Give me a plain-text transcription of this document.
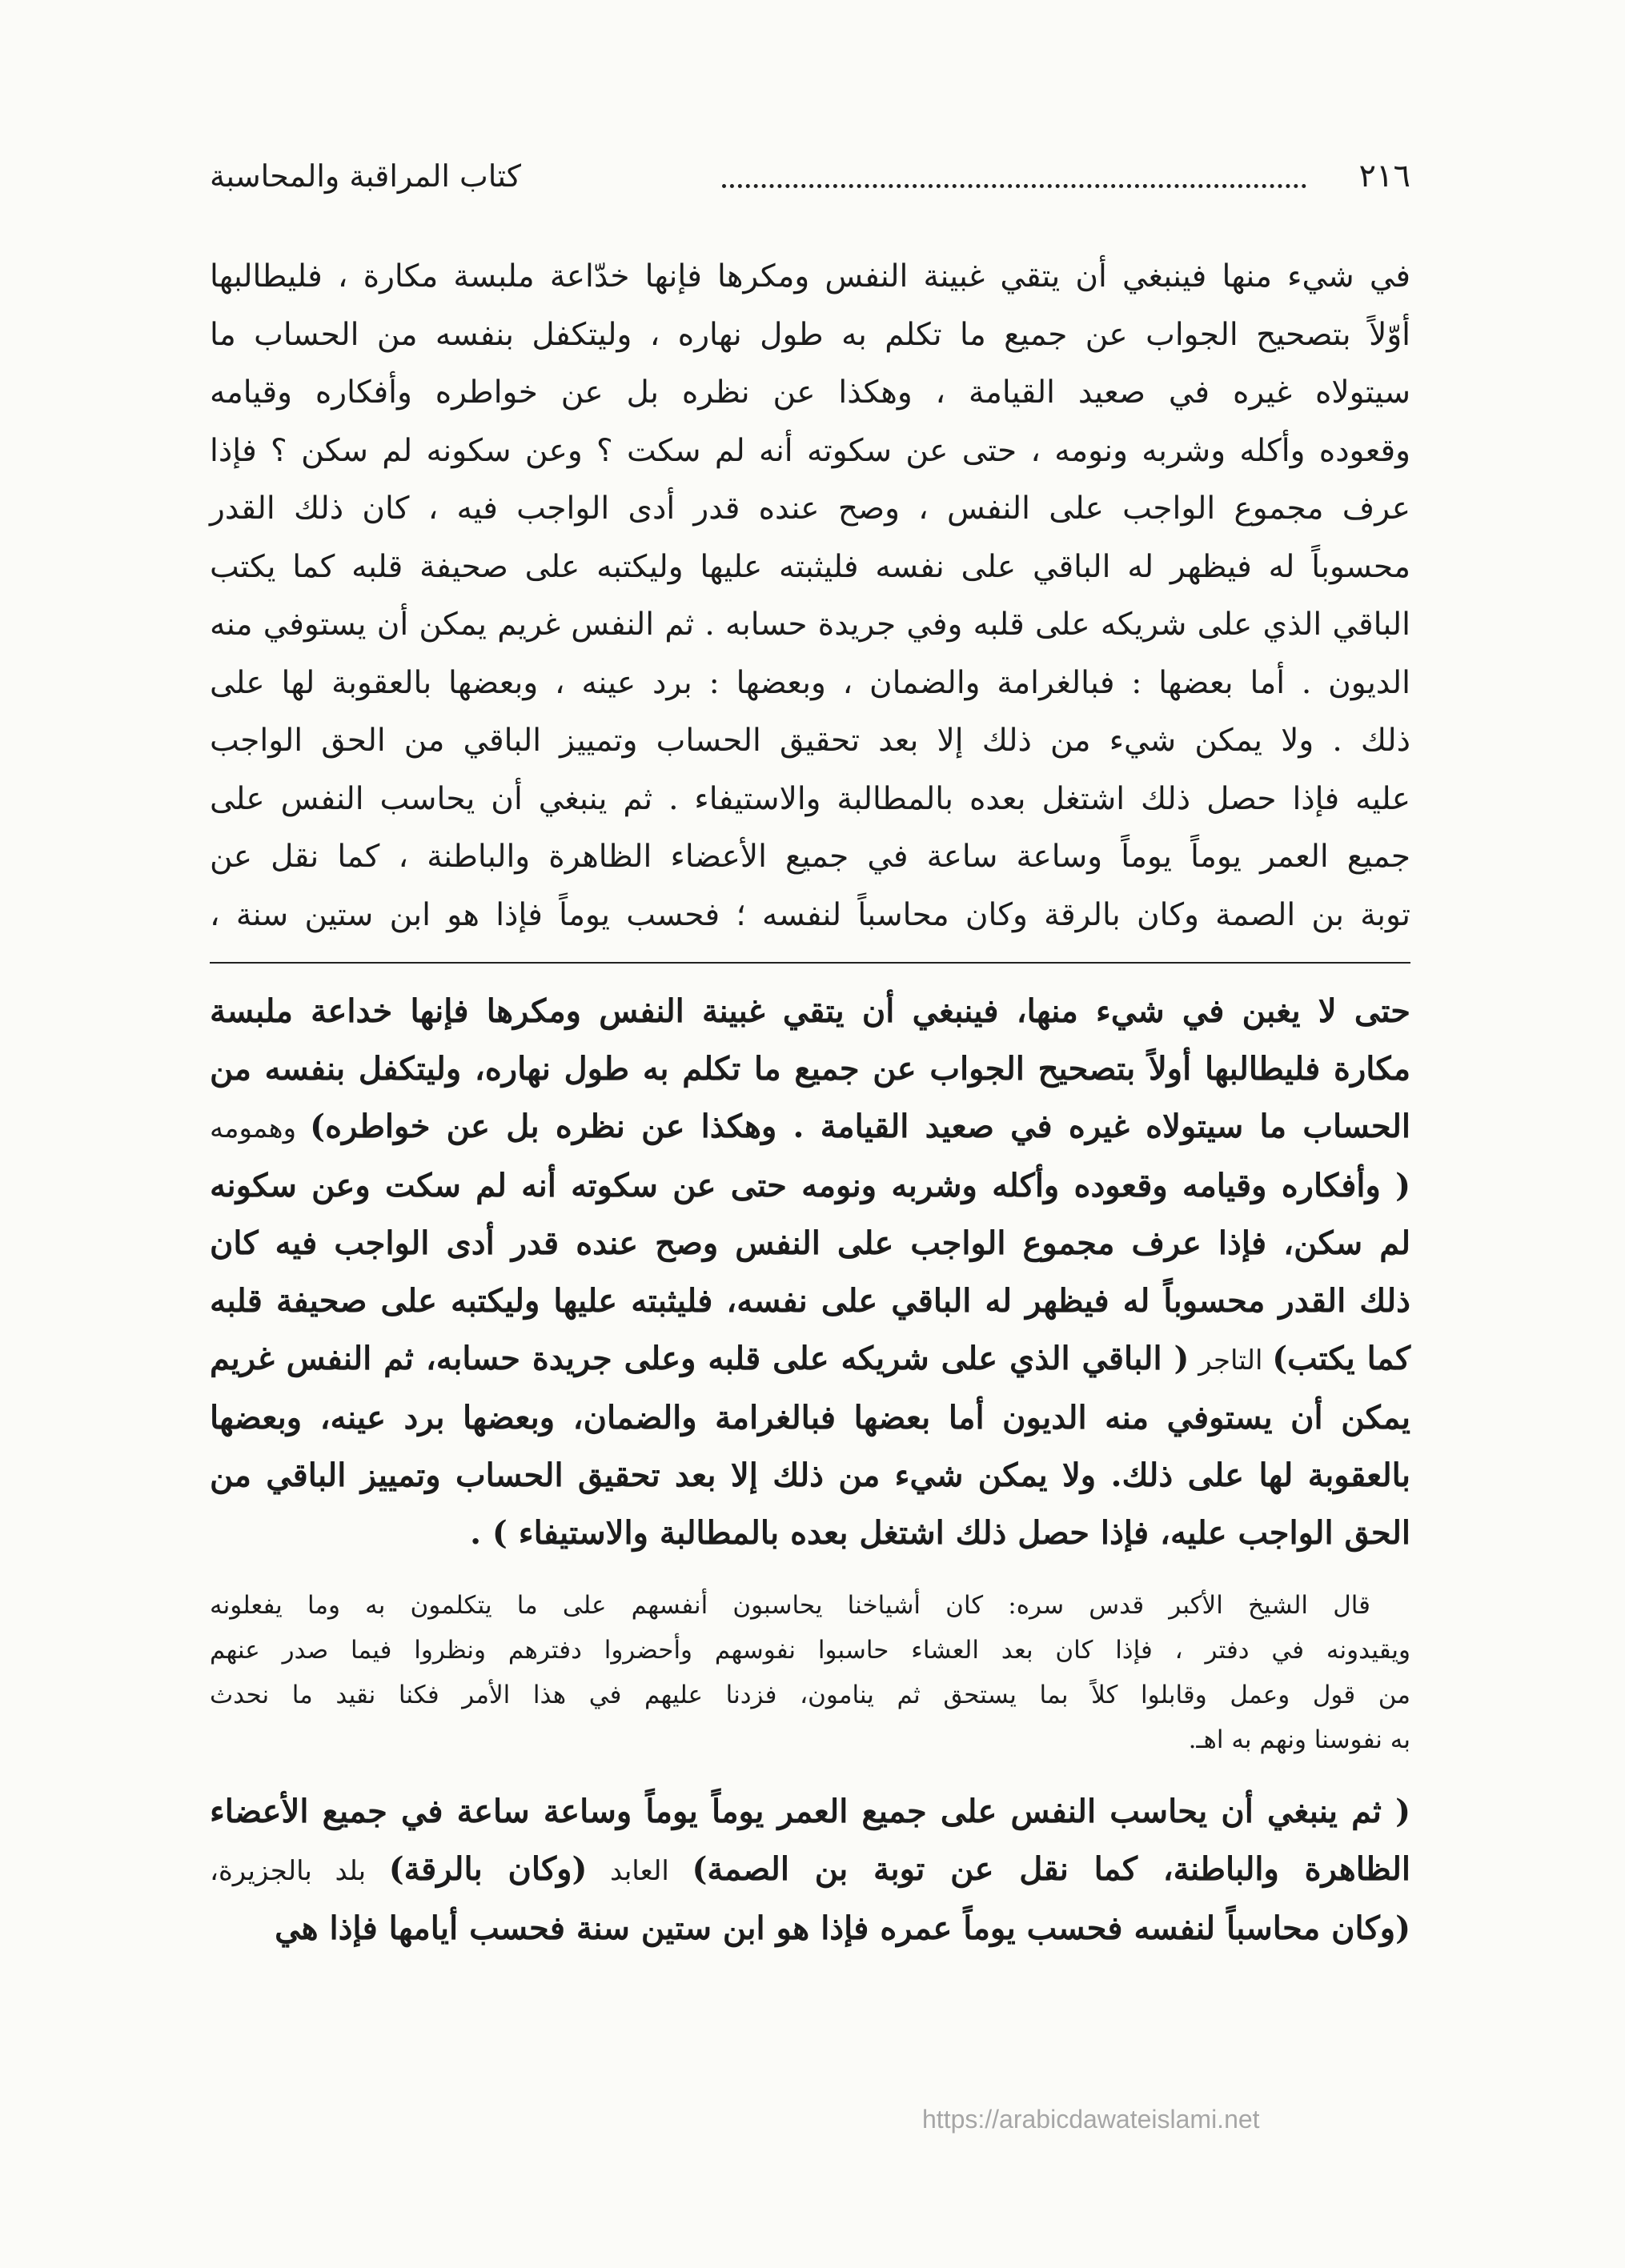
٢١٦
كتاب المراقبة والمحاسبة
في شيء منها فينبغي أن يتقي غبينة النفس ومكرها فإنها خدّاعة ملبسة مكارة ، فليطالبها
أوّلاً بتصحيح الجواب عن جميع ما تكلم به طول نهاره ، وليتكفل بنفسه من الحساب ما
سيتولاه غيره في صعيد القيامة ، وهكذا عن نظره بل عن خواطره وأفكاره وقيامه
وقعوده وأكله وشربه ونومه ، حتى عن سكوته أنه لم سكت ؟ وعن سكونه لم سكن ؟ فإذا
عرف مجموع الواجب على النفس ، وصح عنده قدر أدى الواجب فيه ، كان ذلك القدر
محسوباً له فيظهر له الباقي على نفسه فليثبته عليها وليكتبه على صحيفة قلبه كما يكتب
الباقي الذي على شريكه على قلبه وفي جريدة حسابه . ثم النفس غريم يمكن أن يستوفي منه
الديون . أما بعضها : فبالغرامة والضمان ، وبعضها : برد عينه ، وبعضها بالعقوبة لها على
ذلك . ولا يمكن شيء من ذلك إلا بعد تحقيق الحساب وتمييز الباقي من الحق الواجب
عليه فإذا حصل ذلك اشتغل بعده بالمطالبة والاستيفاء . ثم ينبغي أن يحاسب النفس على
جميع العمر يوماً يوماً وساعة ساعة في جميع الأعضاء الظاهرة والباطنة ، كما نقل عن
توبة بن الصمة وكان بالرقة وكان محاسباً لنفسه ؛ فحسب يوماً فإذا هو ابن ستين سنة ،
حتى لا يغبن في شيء منها، فينبغي أن يتقي غبينة النفس ومكرها فإنها خداعة ملبسة
مكارة فليطالبها أولاً بتصحيح الجواب عن جميع ما تكلم به طول نهاره، وليتكفل بنفسه من
الحساب ما سيتولاه غيره في صعيد القيامة . وهكذا عن نظره بل عن خواطره) وهمومه
( وأفكاره وقيامه وقعوده وأكله وشربه ونومه حتى عن سكوته أنه لم سكت وعن سكونه
لم سكن، فإذا عرف مجموع الواجب على النفس وصح عنده قدر أدى الواجب فيه كان
ذلك القدر محسوباً له فيظهر له الباقي على نفسه، فليثبته عليها وليكتبه على صحيفة قلبه
كما يكتب) التاجر ( الباقي الذي على شريكه على قلبه وعلى جريدة حسابه، ثم النفس غريم
يمكن أن يستوفي منه الديون أما بعضها فبالغرامة والضمان، وبعضها برد عينه، وبعضها
بالعقوبة لها على ذلك. ولا يمكن شيء من ذلك إلا بعد تحقيق الحساب وتمييز الباقي من
الحق الواجب عليه، فإذا حصل ذلك اشتغل بعده بالمطالبة والاستيفاء ) .
قال الشيخ الأكبر قدس سره: كان أشياخنا يحاسبون أنفسهم على ما يتكلمون به وما يفعلونه
ويقيدونه في دفتر ، فإذا كان بعد العشاء حاسبوا نفوسهم وأحضروا دفترهم ونظروا فيما صدر عنهم
من قول وعمل وقابلوا كلاً بما يستحق ثم ينامون، فزدنا عليهم في هذا الأمر فكنا نقيد ما نحدث
به نفوسنا ونهم به اهـ.
( ثم ينبغي أن يحاسب النفس على جميع العمر يوماً يوماً وساعة ساعة في جميع الأعضاء
الظاهرة والباطنة، كما نقل عن توبة بن الصمة) العابد (وكان بالرقة) بلد بالجزيرة،
(وكان محاسباً لنفسه فحسب يوماً عمره فإذا هو ابن ستين سنة فحسب أيامها فإذا هي
https://arabicdawateislami.net
